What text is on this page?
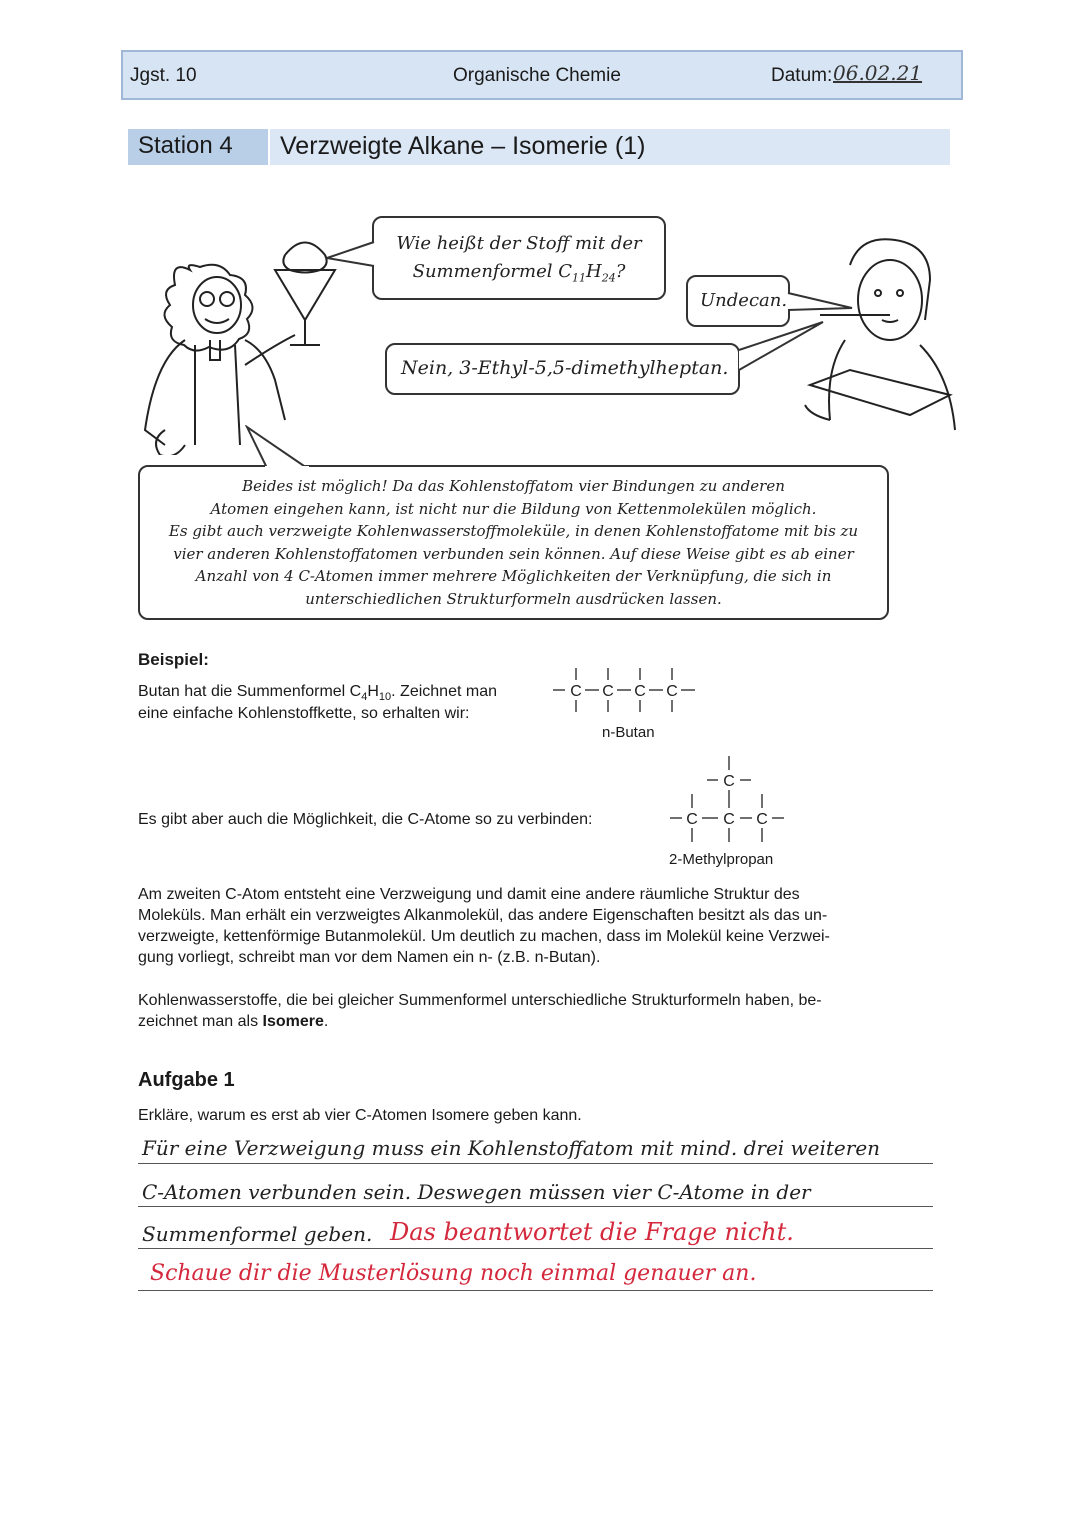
Jgst. 10	Organische Chemie	Datum: 06.02.21
Station 4	Verzweigte Alkane – Isomerie (1)
Wie heißt der Stoff mit der
Summenformel $C_{11}H_{24}$?
Undecan.
Nein, 3-Ethyl-5,5-dimethylheptan.
Beides ist möglich! Da das Kohlenstoffatom vier Bindungen zu anderen
Atomen eingehen kann, ist nicht nur die Bildung von Kettenmolekülen möglich.
Es gibt auch verzweigte Kohlenwasserstoffmoleküle, in denen Kohlenstoffatome mit bis zu
vier anderen Kohlenstoffatomen verbunden sein können. Auf diese Weise gibt es ab einer
Anzahl von 4 C-Atomen immer mehrere Möglichkeiten der Verknüpfung, die sich in
unterschiedlichen Strukturformeln ausdrücken lassen.
Beispiel:
Butan hat die Summenformel $C_4H_{10}$. Zeichnet man
eine einfache Kohlenstoffkette, so erhalten wir:
C C C C
n-Butan
Es gibt aber auch die Möglichkeit, die C-Atome so zu verbinden:
C
C C C
2-Methylpropan
Am zweiten C-Atom entsteht eine Verzweigung und damit eine andere räumliche Struktur des
Moleküls. Man erhält ein verzweigtes Alkanmolekül, das andere Eigenschaften besitzt als das un-
verzweigte, kettenförmige Butanmolekül. Um deutlich zu machen, dass im Molekül keine Verzwei-
gung vorliegt, schreibt man vor dem Namen ein n- (z.B. n-Butan).
Kohlenwasserstoffe, die bei gleicher Summenformel unterschiedliche Strukturformeln haben, be-
zeichnet man als Isomere.
Aufgabe 1
Erkläre, warum es erst ab vier C-Atomen Isomere geben kann.
Für eine Verzweigung muss ein Kohlenstoffatom mit mind. drei weiteren
C-Atomen verbunden sein. Deswegen müssen vier C-Atome in der
Summenformel geben. Das beantwortet die Frage nicht.
Schaue dir die Musterlösung noch einmal genauer an.
